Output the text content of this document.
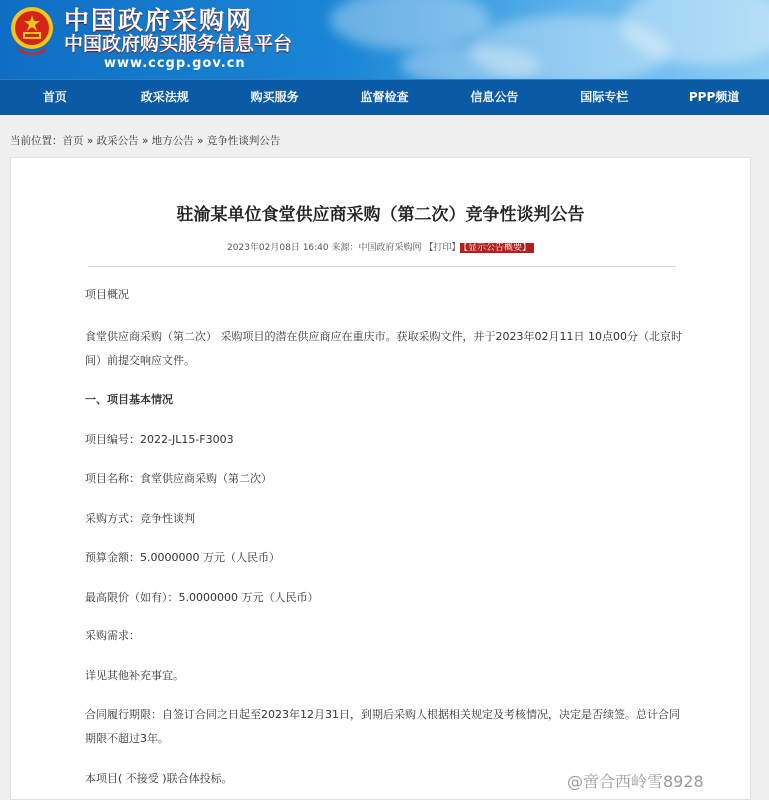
中国政府采购网
中国政府购买服务信息平台
www.ccgp.gov.cn
首页	政采法规	购买服务	监督检查	信息公告	国际专栏	PPP频道
当前位置：首页 » 政采公告 » 地方公告 » 竞争性谈判公告
驻渝某单位食堂供应商采购（第二次）竞争性谈判公告
2023年02月08日 16:40 来源：中国政府采购网 【打印】 【显示公告概要】
项目概况
食堂供应商采购（第二次） 采购项目的潜在供应商应在重庆市。获取采购文件，并于2023年02月11日 10点00分（北京时间）前提交响应文件。
一、项目基本情况
项目编号：2022-JL15-F3003
项目名称：食堂供应商采购（第二次）
采购方式：竞争性谈判
预算金额：5.0000000 万元（人民币）
最高限价（如有）：5.0000000 万元（人民币）
采购需求：
详见其他补充事宜。
合同履行期限：自签订合同之日起至2023年12月31日，到期后采购人根据相关规定及考核情况，决定是否续签。总计合同期限不超过3年。
本项目( 不接受 )联合体投标。	@啻合西岭雪8928
